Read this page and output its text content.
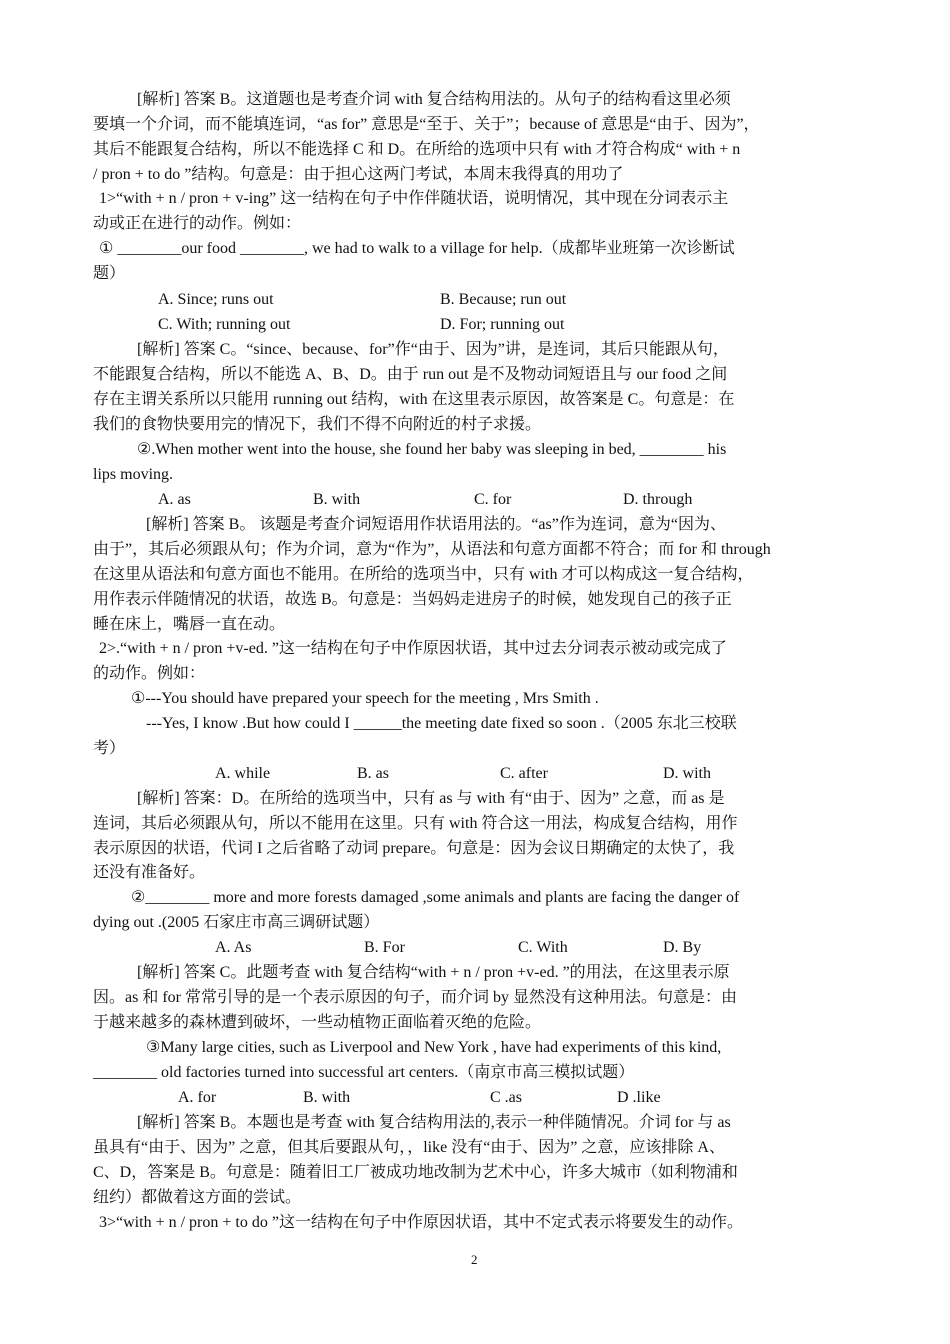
[解析] 答案 B。这道题也是考查介词 with 复合结构用法的。从句子的结构看这里必须
要填一个介词，而不能填连词，“as for” 意思是“至于、关于”；because of 意思是“由于、因为”，
其后不能跟复合结构，所以不能选择 C 和 D。在所给的选项中只有 with 才符合构成“ with + n
/ pron + to do ”结构。句意是：由于担心这两门考试，本周末我得真的用功了
1>“with + n / pron + v-ing” 这一结构在句子中作伴随状语，说明情况，其中现在分词表示主
动或正在进行的动作。例如：
① ________our food ________, we had to walk to a village for help.（成都毕业班第一次诊断试
题）
[解析] 答案 C。“since、because、for”作“由于、因为”讲，是连词，其后只能跟从句，
不能跟复合结构，所以不能选 A、B、D。由于 run out 是不及物动词短语且与 our food 之间
存在主谓关系所以只能用 running out 结构，with 在这里表示原因，故答案是 C。句意是：在
我们的食物快要用完的情况下，我们不得不向附近的村子求援。
②.When mother went into the house, she found her baby was sleeping in bed, ________ his
lips moving.
[解析] 答案 B。 该题是考查介词短语用作状语用法的。“as”作为连词，意为“因为、
由于”，其后必须跟从句；作为介词，意为“作为”，从语法和句意方面都不符合；而 for 和 through
在这里从语法和句意方面也不能用。在所给的选项当中，只有 with 才可以构成这一复合结构，
用作表示伴随情况的状语，故选 B。句意是：当妈妈走进房子的时候，她发现自己的孩子正
睡在床上，嘴唇一直在动。
2>.“with + n / pron +v-ed. ”这一结构在句子中作原因状语，其中过去分词表示被动或完成了
的动作。例如：
①---You should have prepared your speech for the meeting , Mrs Smith .
---Yes, I know .But how could I ______the meeting date fixed so soon .（2005 东北三校联
考）
[解析] 答案：D。在所给的选项当中，只有 as 与 with 有“由于、因为” 之意，而 as 是
连词，其后必须跟从句，所以不能用在这里。只有 with 符合这一用法，构成复合结构，用作
表示原因的状语，代词 I 之后省略了动词 prepare。句意是：因为会议日期确定的太快了，我
还没有准备好。
②________ more and more forests damaged ,some animals and plants are facing the danger of
dying out .(2005 石家庄市高三调研试题）
[解析] 答案 C。此题考查 with 复合结构“with + n / pron +v-ed. ”的用法，在这里表示原
因。as 和 for 常常引导的是一个表示原因的句子，而介词 by 显然没有这种用法。句意是：由
于越来越多的森林遭到破坏，一些动植物正面临着灭绝的危险。
③Many large cities, such as Liverpool and New York , have had experiments of this kind,
________ old factories turned into successful art centers.（南京市高三模拟试题）
[解析] 答案 B。本题也是考查 with 复合结构用法的,表示一种伴随情况。介词 for 与 as
虽具有“由于、因为” 之意，但其后要跟从句，，like 没有“由于、因为” 之意，应该排除 A、
C、D，答案是 B。句意是：随着旧工厂被成功地改制为艺术中心，许多大城市（如利物浦和
纽约）都做着这方面的尝试。
3>“with + n / pron + to do ”这一结构在句子中作原因状语，其中不定式表示将要发生的动作。
A. Since; runs out	B. Because; run out
C. With; running out	D. For; running out
A. as	B. with	C. for	D. through
A. while	B. as	C. after	D. with
A. As	B. For	C. With	D. By
A. for	B. with	C .as	D .like
2
